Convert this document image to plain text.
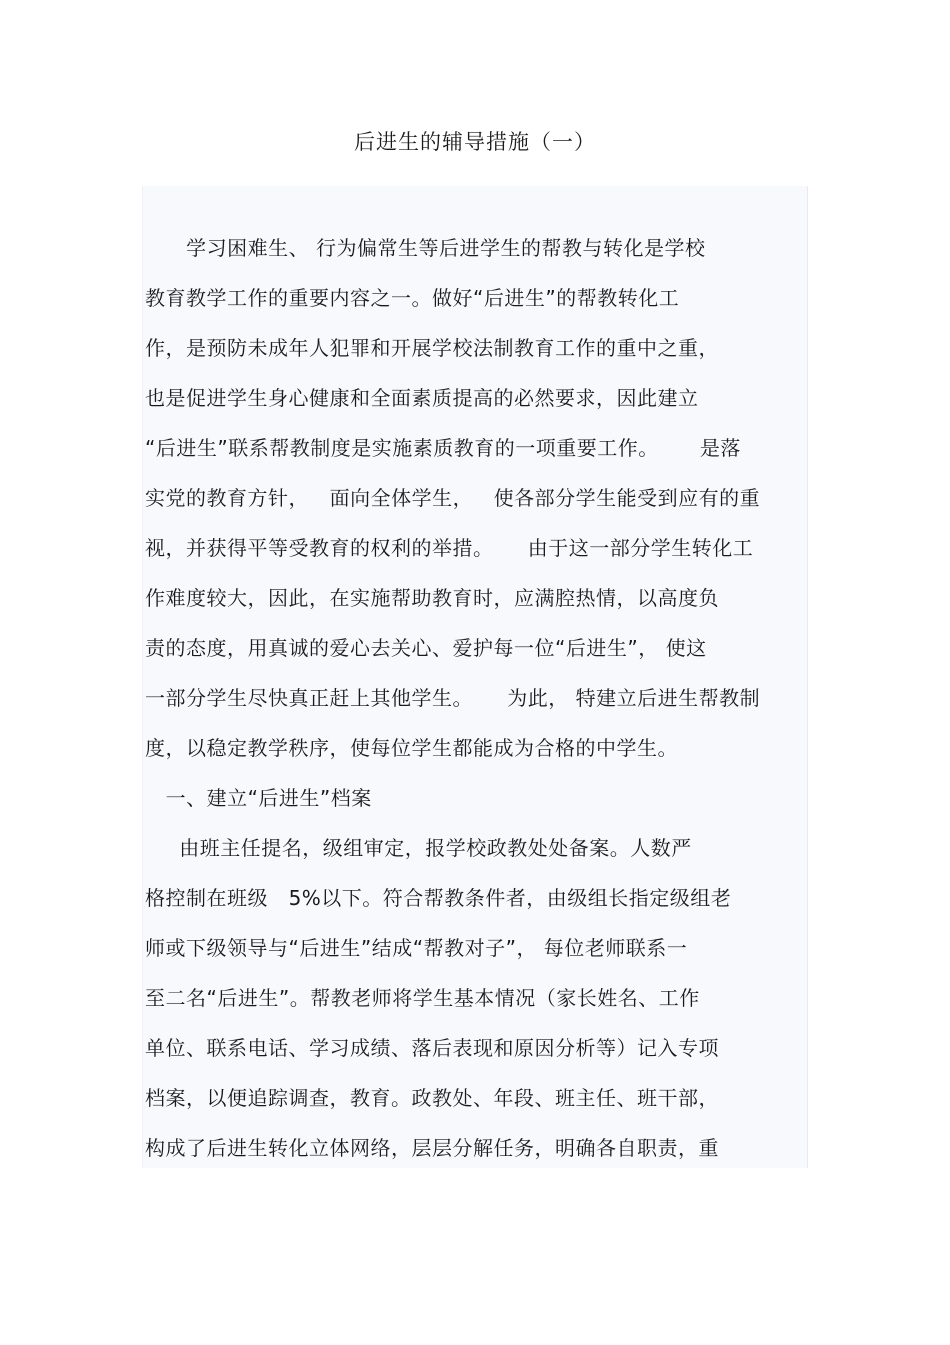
后进生的辅导措施（一）

学习困难生、 行为偏常生等后进学生的帮教与转化是学校

教育教学工作的重要内容之一。做好“后进生”的帮教转化工

作，是预防未成年人犯罪和开展学校法制教育工作的重中之重，

也是促进学生身心健康和全面素质提高的必然要求，因此建立

“后进生”联系帮教制度是实施素质教育的一项重要工作。      是落

实党的教育方针，   面向全体学生，   使各部分学生能受到应有的重

视，并获得平等受教育的权利的举措。     由于这一部分学生转化工

作难度较大，因此，在实施帮助教育时，应满腔热情，以高度负

责的态度，用真诚的爱心去关心、爱护每一位“后进生”， 使这

一部分学生尽快真正赶上其他学生。     为此， 特建立后进生帮教制

度，以稳定教学秩序，使每位学生都能成为合格的中学生。

一、建立“后进生”档案

由班主任提名，级组审定，报学校政教处处备案。人数严

格控制在班级   5%以下。符合帮教条件者，由级组长指定级组老

师或下级领导与“后进生”结成“帮教对子”， 每位老师联系一

至二名“后进生”。帮教老师将学生基本情况（家长姓名、工作

单位、联系电话、学习成绩、落后表现和原因分析等）记入专项

档案，以便追踪调查，教育。政教处、年段、班主任、班干部，

构成了后进生转化立体网络，层层分解任务，明确各自职责，重
